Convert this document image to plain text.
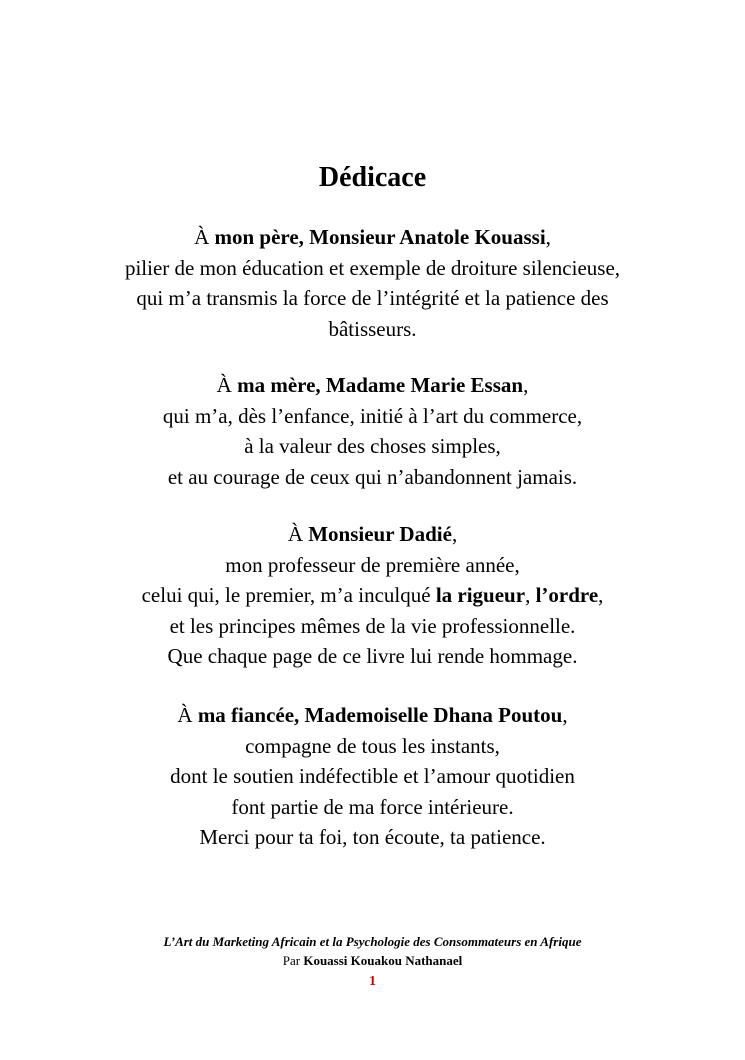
Dédicace
À mon père, Monsieur Anatole Kouassi,
pilier de mon éducation et exemple de droiture silencieuse,
qui m’a transmis la force de l’intégrité et la patience des
bâtisseurs.
À ma mère, Madame Marie Essan,
qui m’a, dès l’enfance, initié à l’art du commerce,
à la valeur des choses simples,
et au courage de ceux qui n’abandonnent jamais.
À Monsieur Dadié,
mon professeur de première année,
celui qui, le premier, m’a inculqué la rigueur, l’ordre,
et les principes mêmes de la vie professionnelle.
Que chaque page de ce livre lui rende hommage.
À ma fiancée, Mademoiselle Dhana Poutou,
compagne de tous les instants,
dont le soutien indéfectible et l’amour quotidien
font partie de ma force intérieure.
Merci pour ta foi, ton écoute, ta patience.
L’Art du Marketing Africain et la Psychologie des Consommateurs en Afrique
Par Kouassi Kouakou Nathanael
1
